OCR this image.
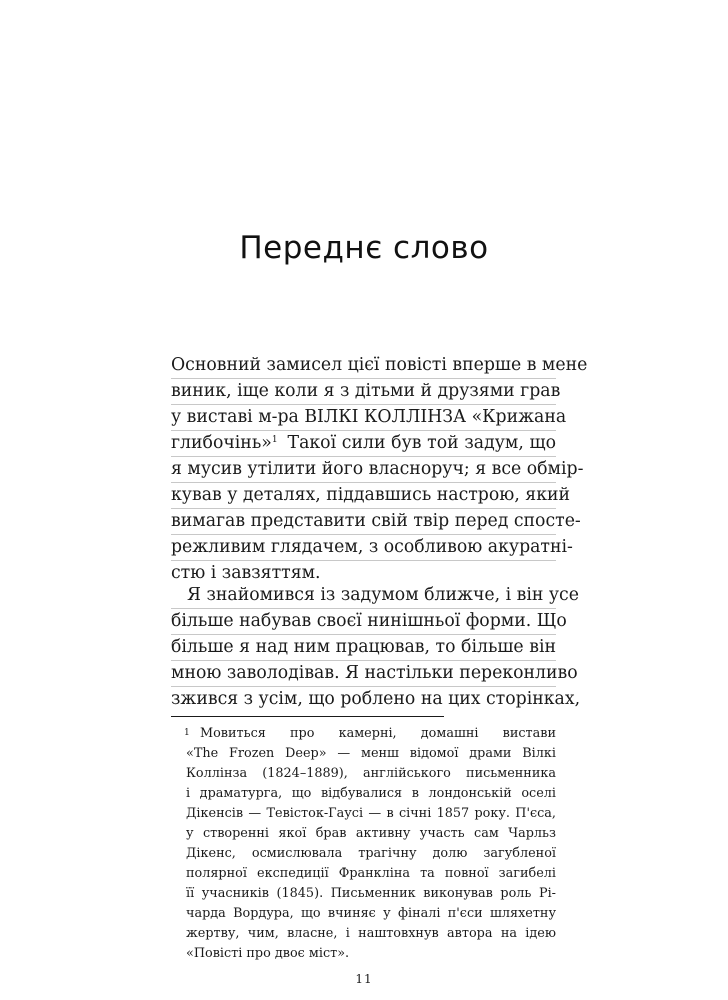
Переднє слово
Основний замисел цієї повісті вперше в мене
виник, іще коли я з дітьми й друзями грав
у виставі м-ра ВІЛКІ КОЛЛІНЗА «Крижана
глибочінь»$^1$ Такої сили був той задум, що
я мусив утілити його власноруч; я все обмір-
кував у деталях, піддавшись настрою, який
вимагав представити свій твір перед спосте-
режливим глядачем, з особливою акуратні-
стю і завзяттям.
Я знайомився із задумом ближче, і він усе
більше набував своєї нинішньої форми. Що
більше я над ним працював, то більше він
мною заволодівав. Я настільки переконливо
зжився з усім, що роблено на цих сторінках,
1 Мовиться про камерні, домашні вистави
«The Frozen Deep» — менш відомої драми Вілкі
Коллінза (1824–1889), англійського письменника
і драматурга, що відбувалися в лондонській оселі
Дікенсів — Тевісток-Гаусі — в січні 1857 року. П'єса,
у створенні якої брав активну участь сам Чарльз
Дікенс, осмислювала трагічну долю загубленої
полярної експедиції Франкліна та повної загибелі
її учасників (1845). Письменник виконував роль Рі-
чарда Вордура, що вчиняє у фіналі п'єси шляхетну
жертву, чим, власне, і наштовхнув автора на ідею
«Повісті про двоє міст».
11
